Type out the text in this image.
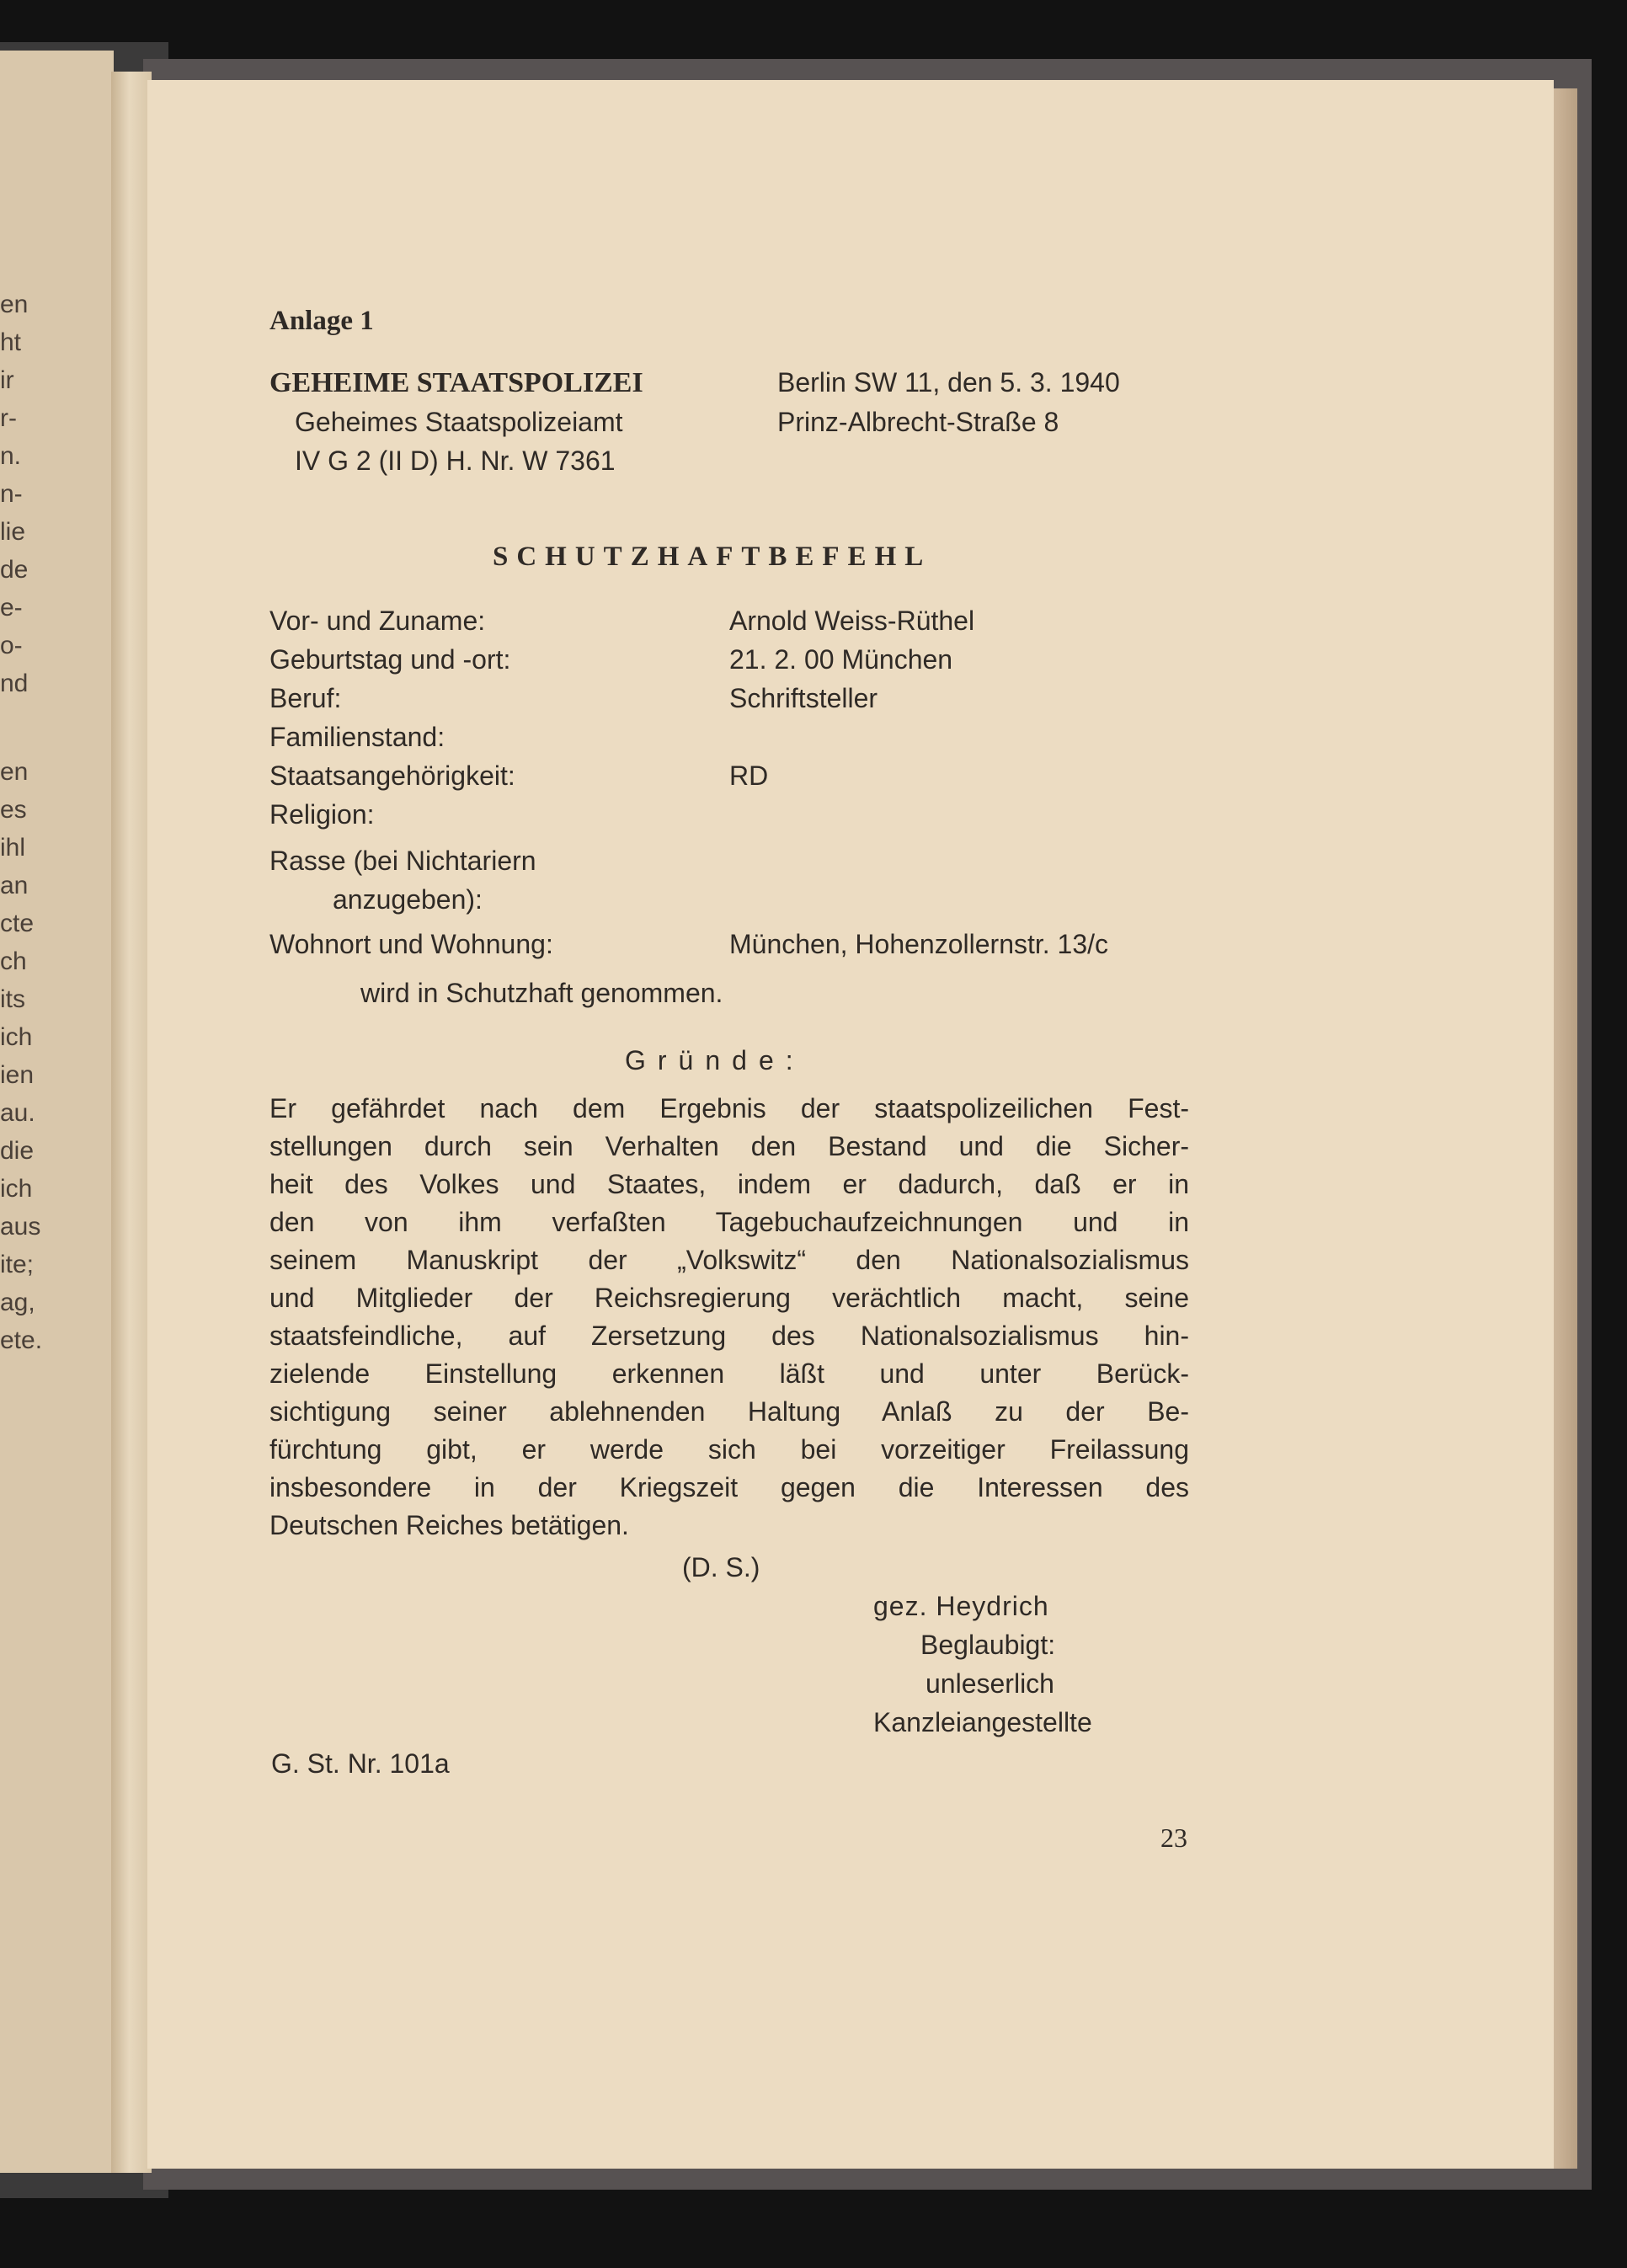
en
ht
ir
r-
n.
n-
lie
de
e-
o-
nd
en
es
ihl
an
cte
ch
its
ich
ien
au.
die
ich
aus
ite;
ag,
ete.
Anlage 1
GEHEIME STAATSPOLIZEI
Geheimes Staatspolizeiamt
IV G 2 (II D) H. Nr. W 7361
Berlin SW 11, den 5. 3. 1940
Prinz-Albrecht-Straße 8
SCHUTZHAFTBEFEHL
Vor- und Zuname:	Arnold Weiss-Rüthel
Geburtstag und -ort:	21. 2. 00 München
Beruf:	Schriftsteller
Familienstand:
Staatsangehörigkeit:	RD
Religion:
Rasse (bei Nichtariern
anzugeben):
Wohnort und Wohnung:	München, Hohenzollernstr. 13/c
wird in Schutzhaft genommen.
Gründe:
Er gefährdet nach dem Ergebnis der staatspolizeilichen Fest-
stellungen durch sein Verhalten den Bestand und die Sicher-
heit des Volkes und Staates, indem er dadurch, daß er in
den von ihm verfaßten Tagebuchaufzeichnungen und in
seinem Manuskript der „Volkswitz“ den Nationalsozialismus
und Mitglieder der Reichsregierung verächtlich macht, seine
staatsfeindliche, auf Zersetzung des Nationalsozialismus hin-
zielende Einstellung erkennen läßt und unter Berück-
sichtigung seiner ablehnenden Haltung Anlaß zu der Be-
fürchtung gibt, er werde sich bei vorzeitiger Freilassung
insbesondere in der Kriegszeit gegen die Interessen des
Deutschen Reiches betätigen.
(D. S.)
gez. Heydrich
Beglaubigt:
unleserlich
Kanzleiangestellte
G. St. Nr. 101a
23
